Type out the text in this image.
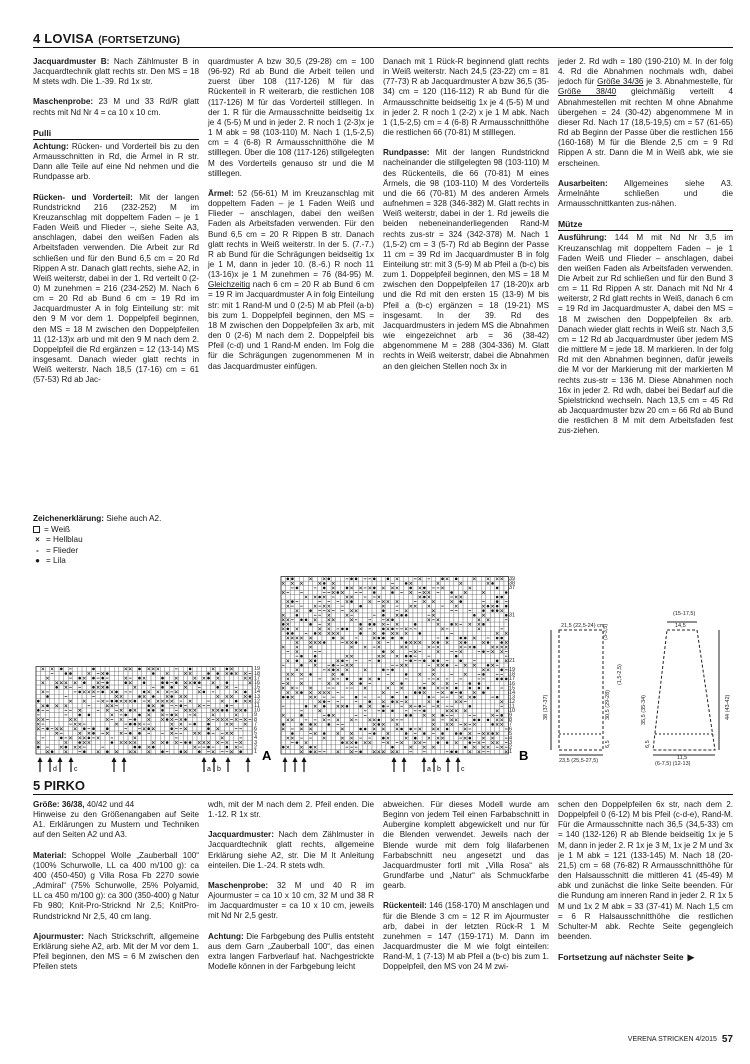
4 LOVISA (FORTSETZUNG)

Jacquardmuster B: Nach Zählmuster B in Jacquardtechnik glatt rechts str. Den MS = 18 M stets wdh. Die 1.-39. Rd 1x str.

Maschenprobe: 23 M und 33 Rd/R glatt rechts mit Nd Nr 4 = ca 10 x 10 cm.

Pulli

Achtung: Rücken- und Vorderteil bis zu den Armausschnitten in Rd, die Ärmel in R str. Dann alle Teile auf eine Nd nehmen und die Rundpasse arb.

Rücken- und Vorderteil: Mit der langen Rundstricknd 216 (232-252) M im Kreuzanschlag mit doppeltem Faden – je 1 Faden Weiß und Flieder –, siehe Seite A3, anschlagen, dabei den weißen Faden als Arbeitsfaden verwenden. Die Arbeit zur Rd schließen und für den Bund 6,5 cm = 20 Rd Rippen A str. Danach glatt rechts, siehe A2, in Weiß weiterstr, dabei in der 1. Rd verteilt 0 (2-0) M zunehmen = 216 (234-252) M. Nach 6 cm = 20 Rd ab Bund 6 cm = 19 Rd im Jacquardmuster A in folg Einteilung str: mit den 9 M vor dem 1. Doppelpfeil beginnen, den MS = 18 M zwischen den Doppelpfeilen 11 (12-13)x arb und mit den 9 M nach dem 2. Doppelpfeil die Rd ergänzen = 12 (13-14) MS insgesamt. Danach wieder glatt rechts in Weiß weiterstr. Nach 18,5 (17-16) cm = 61 (57-53) Rd ab Jac-

quardmuster A bzw 30,5 (29-28) cm = 100 (96-92) Rd ab Bund die Arbeit teilen und zuerst über 108 (117-126) M für das Rückenteil in R weiterarb, die restlichen 108 (117-126) M für das Vorderteil stilllegen. In der 1. R für die Armausschnitte beidseitig 1x je 4 (5-5) M und in jeder 2. R noch 1 (2-3)x je 1 M abk = 98 (103-110) M. Nach 1 (1,5-2,5) cm = 4 (6-8) R Armausschnitthöhe die M stilllegen. Über die 108 (117-126) stillgelegten M des Vorderteils genauso str und die M stilllegen.

Ärmel: 52 (56-61) M im Kreuzanschlag mit doppeltem Faden – je 1 Faden Weiß und Flieder – anschlagen, dabei den weißen Faden als Arbeitsfaden verwenden. Für den Bund 6,5 cm = 20 R Rippen B str. Danach glatt rechts in Weiß weiterstr. In der 5. (7.-7.) R ab Bund für die Schrägungen beidseitig 1x je 1 M, dann in jeder 10. (8.-6.) R noch 11 (13-16)x je 1 M zunehmen = 76 (84-95) M. Gleichzeitig nach 6 cm = 20 R ab Bund 6 cm = 19 R im Jacquardmuster A in folg Einteilung str: mit 1 Rand-M und 0 (2-5) M ab Pfeil (a-b) bis zum 1. Doppelpfeil beginnen, den MS = 18 M zwischen den Doppelpfeilen 3x arb, mit den 0 (2-6) M nach dem 2. Doppelpfeil bis Pfeil (c-d) und 1 Rand-M enden. Im Folg die für die Schrägungen zugenommenen M in das Jacquardmuster einfügen.

Danach mit 1 Rück-R beginnend glatt rechts in Weiß weiterstr. Nach 24,5 (23-22) cm = 81 (77-73) R ab Jacquardmuster A bzw 36,5 (35-34) cm = 120 (116-112) R ab Bund für die Armausschnitte beidseitig 1x je 4 (5-5) M und in jeder 2. R noch 1 (2-2) x je 1 M abk. Nach 1 (1,5-2,5) cm = 4 (6-8) R Armausschnitthöhe die restlichen 66 (70-81) M stilllegen.

Rundpasse: Mit der langen Rundstricknd nacheinander die stillgelegten 98 (103-110) M des Rückenteils, die 66 (70-81) M eines Ärmels, die 98 (103-110) M des Vorderteils und die 66 (70-81) M des anderen Ärmels aufnehmen = 328 (346-382) M. Glatt rechts in Weiß weiterstr, dabei in der 1. Rd jeweils die beiden nebeneinanderliegenden Rand-M rechts zus-str = 324 (342-378) M. Nach 1 (1,5-2) cm = 3 (5-7) Rd ab Beginn der Passe 11 cm = 39 Rd im Jacquardmuster B in folg Einteilung str: mit 3 (5-9) M ab Pfeil a (b-c) bis zum 1. Doppelpfeil beginnen, den MS = 18 M zwischen den Doppelpfeilen 17 (18-20)x arb und die Rd mit den ersten 15 (13-9) M bis Pfeil a (b-c) ergänzen = 18 (19-21) MS insgesamt. In der 39. Rd des Jacquardmusters in jedem MS die Abnahmen wie eingezeichnet arb = 36 (38-42) abgenommene M = 288 (304-336) M. Glatt rechts in Weiß weiterstr, dabei die Abnahmen an den gleichen Stellen noch 3x in

jeder 2. Rd wdh = 180 (190-210) M. In der folg 4. Rd die Abnahmen nochmals wdh, dabei jedoch für Größe 34/36 je 3. Abnahmestelle, für Größe 38/40 gleichmäßig verteilt 4 Abnahmestellen mit rechten M ohne Abnahme übergehen = 24 (30-42) abgenommene M in dieser Rd. Nach 17 (18,5-19,5) cm = 57 (61-65) Rd ab Beginn der Passe über die restlichen 156 (160-168) M für die Blende 2,5 cm = 9 Rd Rippen A str. Dann die M in Weiß abk, wie sie erscheinen.

Ausarbeiten: Allgemeines siehe A3. Ärmelnähte schließen und die Armausschnittkanten zus-nähen.

Mütze

Ausführung: 144 M mit Nd Nr 3,5 im Kreuzanschlag mit doppeltem Faden – je 1 Faden Weiß und Flieder – anschlagen, dabei den weißen Faden als Arbeitsfaden verwenden. Die Arbeit zur Rd schließen und für den Bund 3 cm = 11 Rd Rippen A str. Danach mit Nd Nr 4 weiterstr, 2 Rd glatt rechts in Weiß, danach 6 cm = 19 Rd im Jacquardmuster A, dabei den MS = 18 M zwischen den Doppelpfeilen 8x arb. Danach wieder glatt rechts in Weiß str. Nach 3,5 cm = 12 Rd ab Jacquardmuster über jedem MS die mittlere M = jede 18. M markieren. In der folg Rd mit den Abnahmen beginnen, dafür jeweils die M vor der Markierung mit der markierten M rechts zus-str = 136 M. Diese Abnahmen noch 16x in jeder 2. Rd wdh, dabei bei Bedarf auf die Spielstricknd wechseln. Nach 13,5 cm = 45 Rd ab Jacquardmuster bzw 20 cm = 66 Rd ab Bund die restlichen 8 M mit dem Arbeitsfaden fest zus-ziehen.

Zeichenerklärung: Siehe auch A2.
= Weiß
× = Hellblau
- = Flieder
● = Lila
A	B
19
18
17
16
15
14
13
12
11
10
9
8
7
6
5
4
3
2
1
19
18
17
16
15
14
13
12
11
10
9
8
7
6
5
4
3
2
1
39
38
37
31
21
d c	a b	a b	c
21,5 (22,5-24) cm
(3-3,5)
30,5 (29-28)
6,5
(1,5-2,5)
35,5 (35-34)
(15-17,5)
14,5
44 (43-42)
38 (37-37)
6,5
23,5 (25,5-27,5)	11,5
(6-7,5) (12-13)
5 PIRKO

Größe: 36/38, 40/42 und 44
Hinweise zu den Größenangaben auf Seite A1. Erklärungen zu Mustern und Techniken auf den Seiten A2 und A3.

Material: Schoppel Wolle „Zauberball 100“ (100% Schurwolle, LL ca 400 m/100 g): ca 400 (450-450) g Villa Rosa Fb 2270 sowie „Admiral“ (75% Schurwolle, 25% Polyamid, LL ca 450 m/100 g): ca 300 (350-400) g Natur Fb 980; Knit-Pro-Stricknd Nr 2,5; KnitPro-Rundstricknd Nr 2,5, 40 cm lang.

Ajourmuster: Nach Strickschrift, allgemeine Erklärung siehe A2, arb. Mit der M vor dem 1. Pfeil beginnen, den MS = 6 M zwischen den Pfeilen stets

wdh, mit der M nach dem 2. Pfeil enden. Die 1.-12. R 1x str.

Jacquardmuster: Nach dem Zählmuster in Jacquardtechnik glatt rechts, allgemeine Erklärung siehe A2, str. Die M lt Anleitung einteilen. Die 1.-24. R stets wdh.

Maschenprobe: 32 M und 40 R im Ajourmuster = ca 10 x 10 cm, 32 M und 38 R im Jacquardmuster = ca 10 x 10 cm, jeweils mit Nd Nr 2,5 gestr.

Achtung: Die Farbgebung des Pullis entsteht aus dem Garn „Zauberball 100“, das einen extra langen Farbverlauf hat. Nachgestrickte Modelle können in der Farbgebung leicht

abweichen. Für dieses Modell wurde am Beginn von jedem Teil einen Farbabschnitt in Aubergine komplett abgewickelt und nur für die Blenden verwendet. Jeweils nach der Blende wurde mit dem folg lilafarbenen Farbabschnitt neu angesetzt und das Jacquardmuster fortl mit „Villa Rosa“ als Grundfarbe und „Natur“ als Schmuckfarbe gearb.

Rückenteil: 146 (158-170) M anschlagen und für die Blende 3 cm = 12 R im Ajourmuster arb, dabei in der letzten Rück-R 1 M zunehmen = 147 (159-171) M. Dann im Jacquardmuster die M wie folgt einteilen: Rand-M, 1 (7-13) M ab Pfeil a (b-c) bis zum 1. Doppelpfeil, den MS von 24 M zwi-

schen den Doppelpfeilen 6x str, nach dem 2. Doppelpfeil 0 (6-12) M bis Pfeil (c-d-e), Rand-M. Für die Armausschnitte nach 36,5 (34,5-33) cm = 140 (132-126) R ab Blende beidseitig 1x je 5 M, dann in jeder 2. R 1x je 3 M, 1x je 2 M und 3x je 1 M abk = 121 (133-145) M. Nach 18 (20-21,5) cm = 68 (76-82) R Armausschnitthöhe für den Halsausschnitt die mittleren 41 (45-49) M abk und zunächst die linke Seite beenden. Für die Rundung am inneren Rand in jeder 2. R 1x 5 M und 1x 2 M abk = 33 (37-41) M. Nach 1,5 cm = 6 R Halsausschnitthöhe die restlichen Schulter-M abk. Rechte Seite gegengleich beenden.

Fortsetzung auf nächster Seite ▶
VERENA STRICKEN 4/2015 57
